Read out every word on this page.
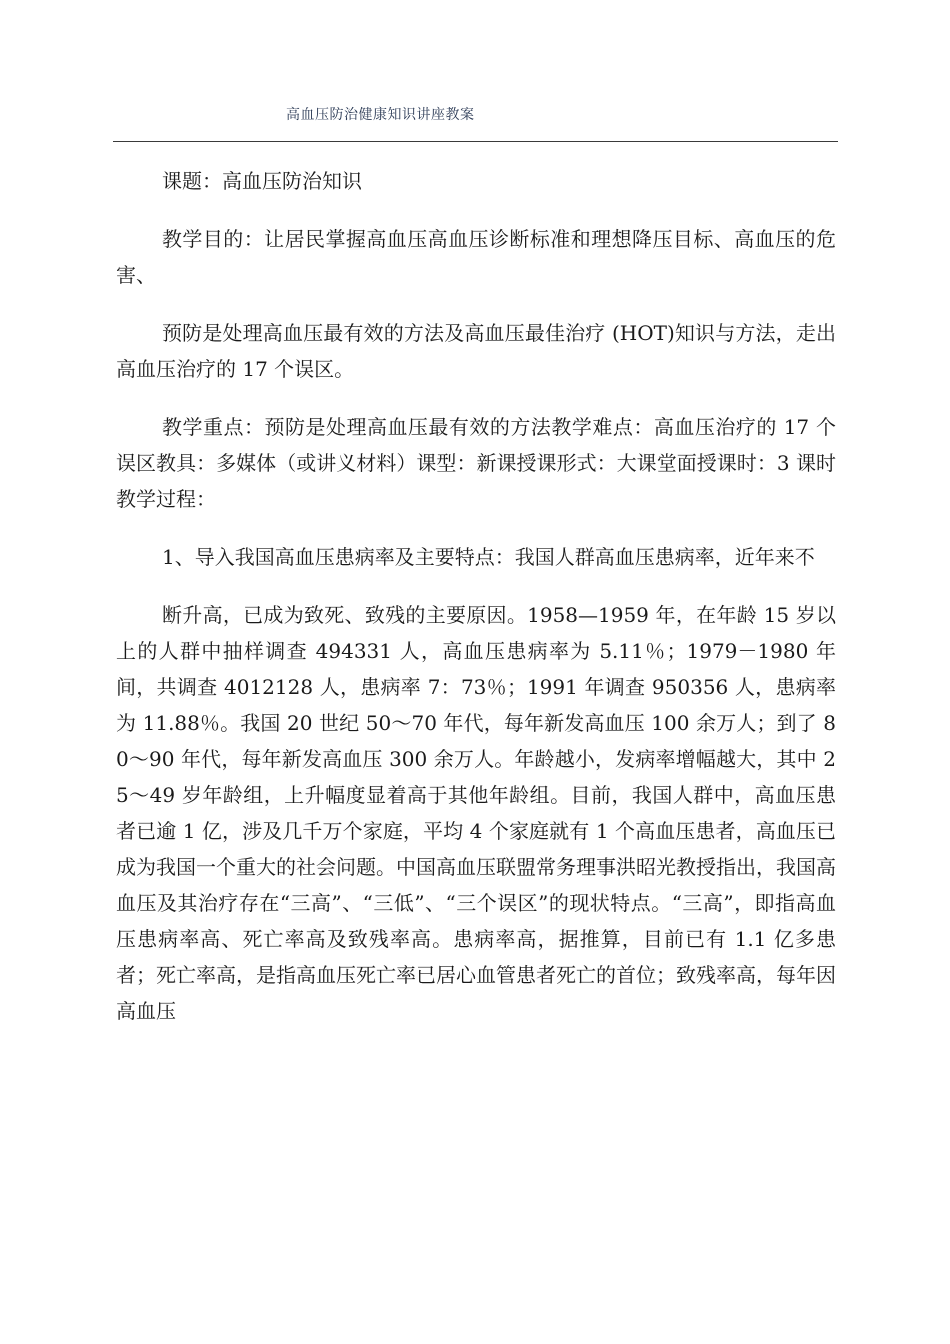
高血压防治健康知识讲座教案

课题：高血压防治知识

教学目的：让居民掌握高血压高血压诊断标准和理想降压目标、高血压的危害、

预防是处理高血压最有效的方法及高血压最佳治疗 (HOT)知识与方法，走出高血压治疗的 17 个误区。

教学重点：预防是处理高血压最有效的方法教学难点：高血压治疗的 17 个误区教具：多媒体（或讲义材料）课型：新课授课形式：大课堂面授课时：3 课时教学过程：

1、导入我国高血压患病率及主要特点：我国人群高血压患病率，近年来不

断升高，已成为致死、致残的主要原因。1958—1959 年，在年龄 15 岁以上的人群中抽样调查 494331 人，高血压患病率为 5.11％；1979－1980 年间，共调查 4012128 人，患病率 7：73％；1991 年调查 950356 人，患病率为 11.88％。我国 20 世纪 50～70 年代，每年新发高血压 100 余万人；到了 80～90 年代，每年新发高血压 300 余万人。年龄越小，发病率增幅越大，其中 25～49 岁年龄组，上升幅度显着高于其他年龄组。目前，我国人群中，高血压患者已逾 1 亿，涉及几千万个家庭，平均 4 个家庭就有 1 个高血压患者，高血压已成为我国一个重大的社会问题。中国高血压联盟常务理事洪昭光教授指出，我国高血压及其治疗存在“三高”、“三低”、“三个误区”的现状特点。“三高”，即指高血压患病率高、死亡率高及致残率高。患病率高，据推算，目前已有 1.1 亿多患者；死亡率高，是指高血压死亡率已居心血管患者死亡的首位；致残率高，每年因高血压
